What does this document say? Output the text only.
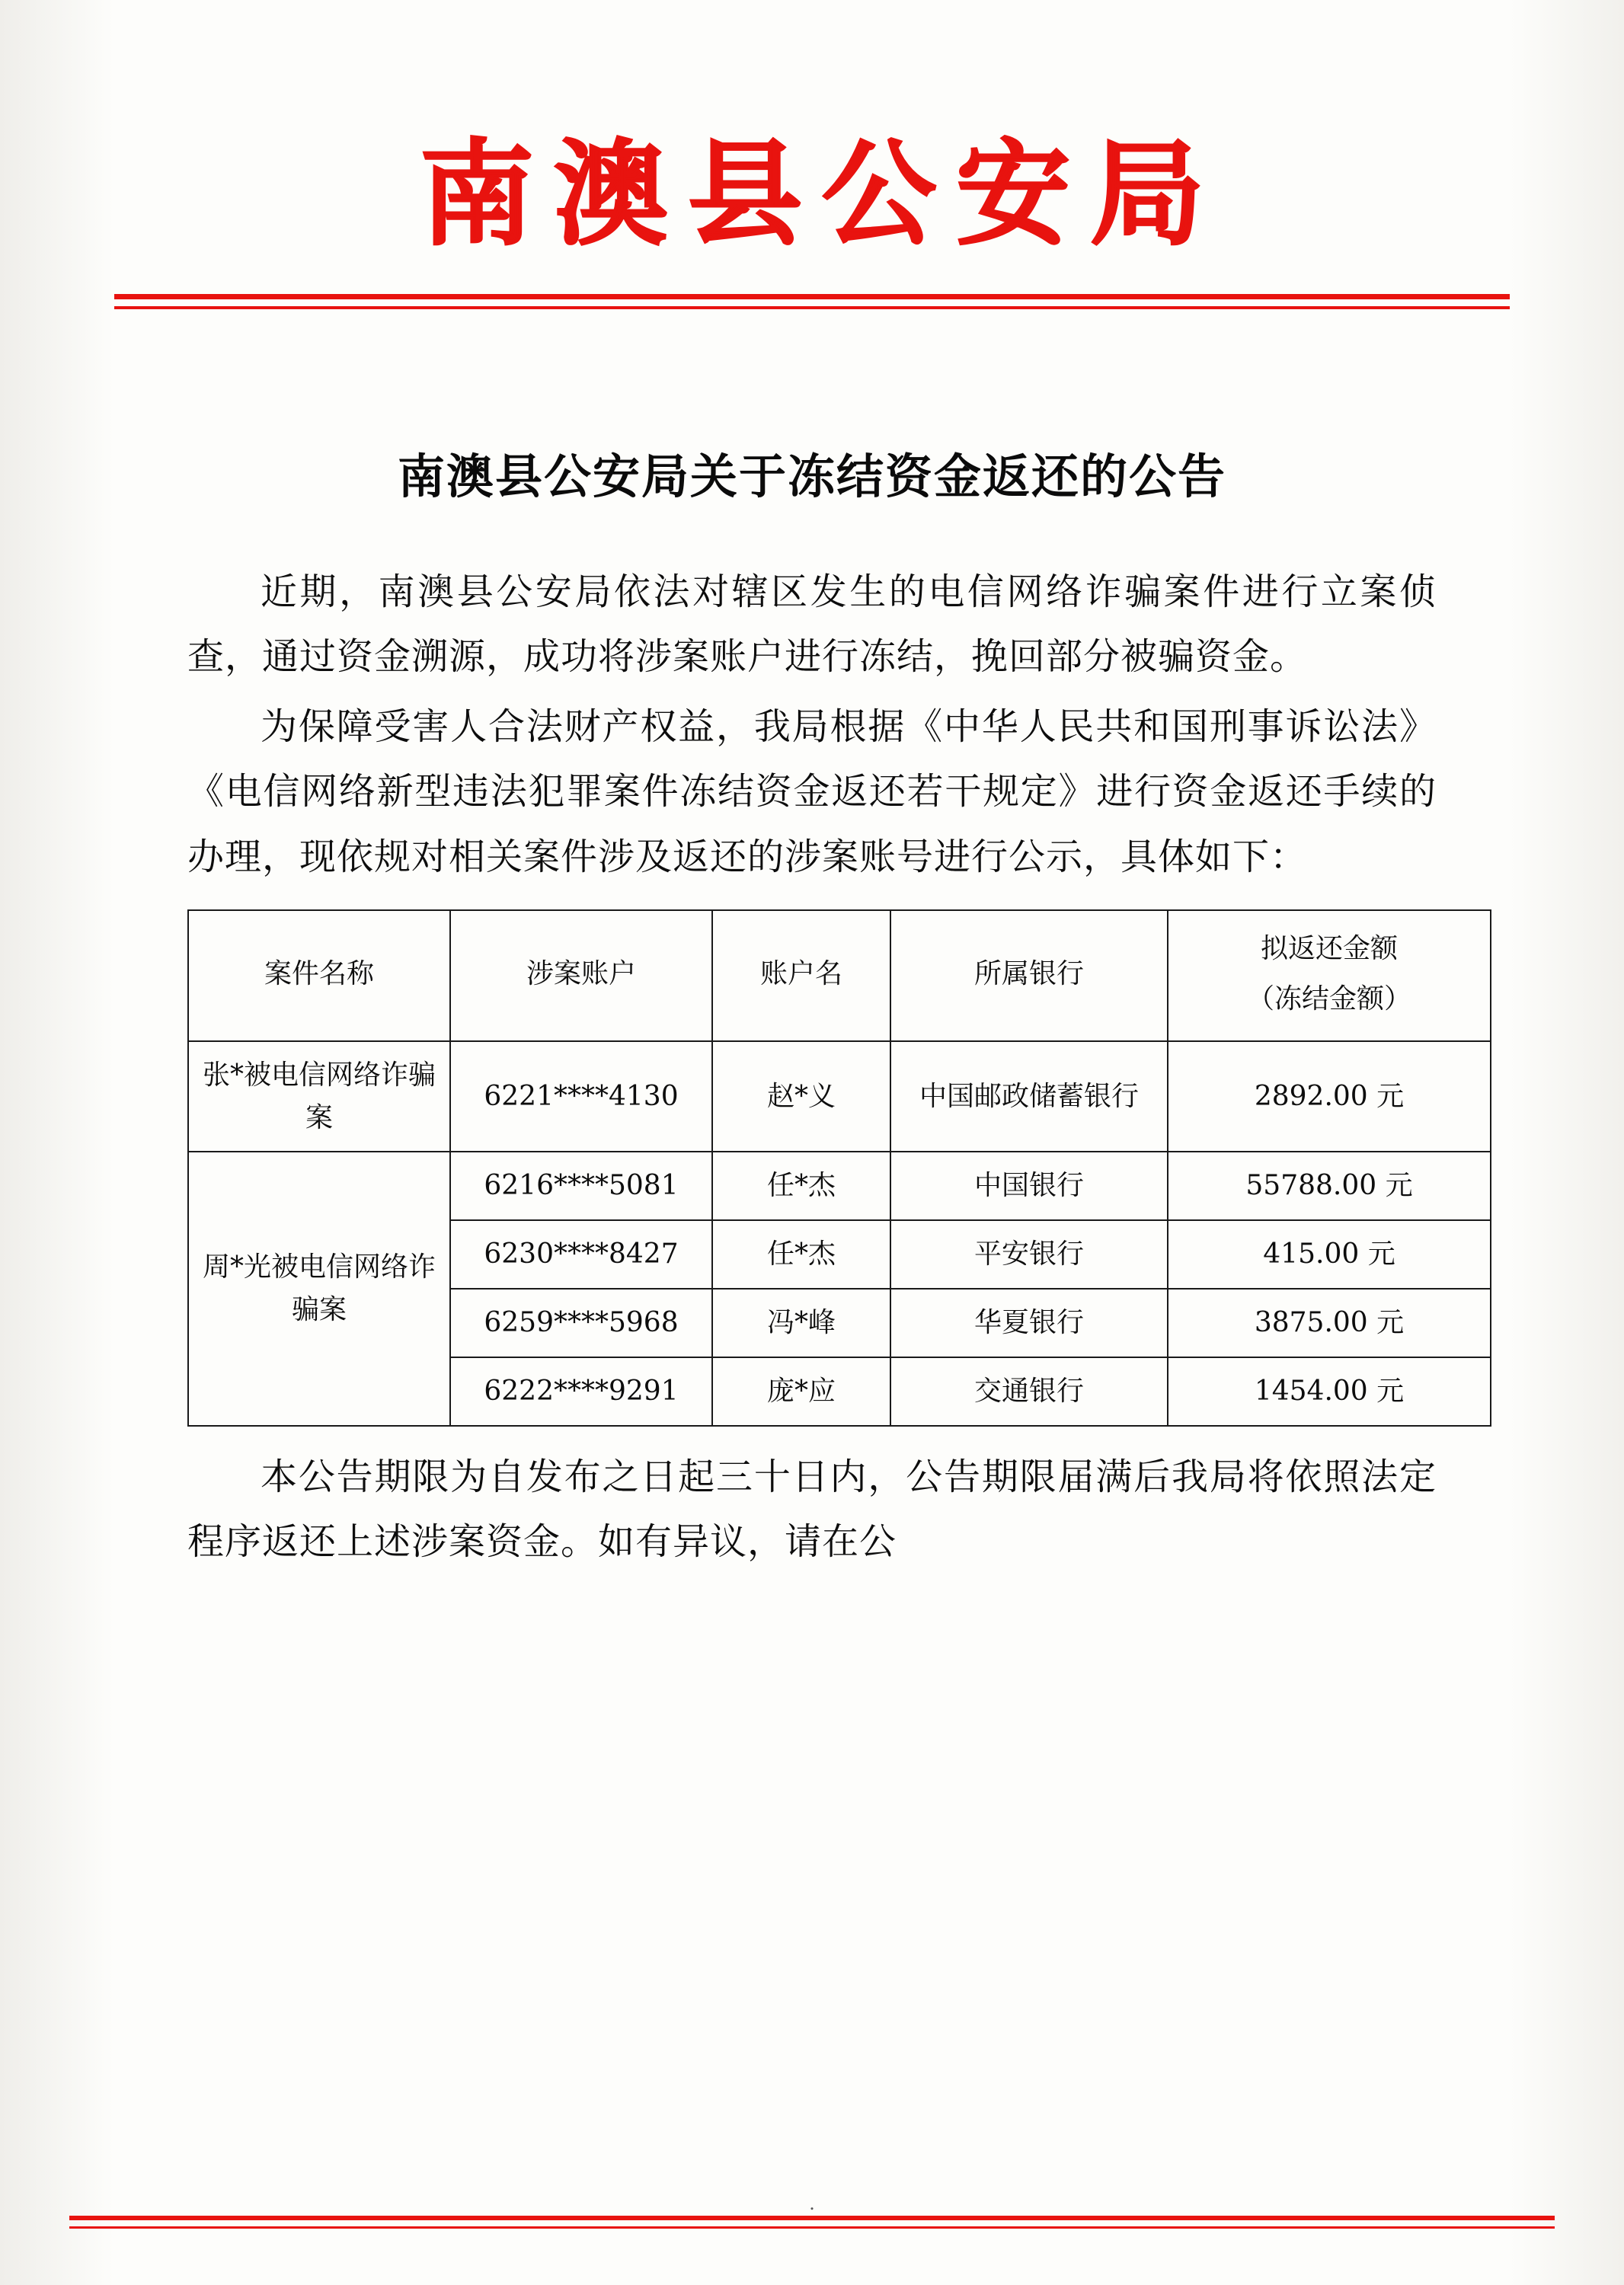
南澳县公安局
南澳县公安局关于冻结资金返还的公告

近期，南澳县公安局依法对辖区发生的电信网络诈骗案件进行立案侦查，通过资金溯源，成功将涉案账户进行冻结，挽回部分被骗资金。

为保障受害人合法财产权益，我局根据《中华人民共和国刑事诉讼法》《电信网络新型违法犯罪案件冻结资金返还若干规定》进行资金返还手续的办理，现依规对相关案件涉及返还的涉案账号进行公示，具体如下：

案件名称	涉案账户	账户名	所属银行	拟返还金额
（冻结金额）

张*被电信网络诈骗案	6221****4130	赵*义	中国邮政储蓄银行	2892.00 元
周*光被电信网络诈骗案	6216****5081	任*杰	中国银行	55788.00 元
	6230****8427	任*杰	平安银行	415.00 元
	6259****5968	冯*峰	华夏银行	3875.00 元
	6222****9291	庞*应	交通银行	1454.00 元

本公告期限为自发布之日起三十日内，公告期限届满后我局将依照法定程序返还上述涉案资金。如有异议，请在公

.
